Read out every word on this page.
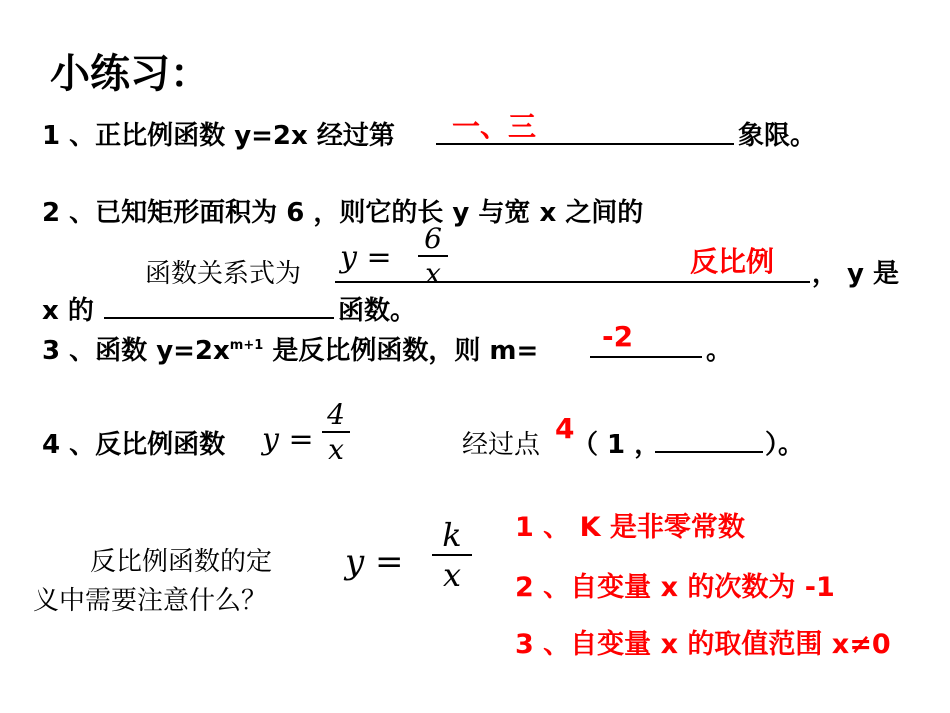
小练习：
1 、正比例函数 y=2x 经过第 一、三	象限。
2 、已知矩形面积为 6 ，则它的长 y 与宽 x 之间的
函数关系式为 y =
6
x	反比例 ， y 是
x 的	函数。
3 、函数 $y=2x^{m+1}$ 是反比例函数，则 m= -2	。
4 、反比例函数 y =
4
x	经过点 4
（ 1 ，	）。
反比例函数的定
义中需要注意什么？
y =
k
x
1 、 K 是非零常数
2 、自变量 x 的次数为 -1
3 、自变量 x 的取值范围 x≠0
